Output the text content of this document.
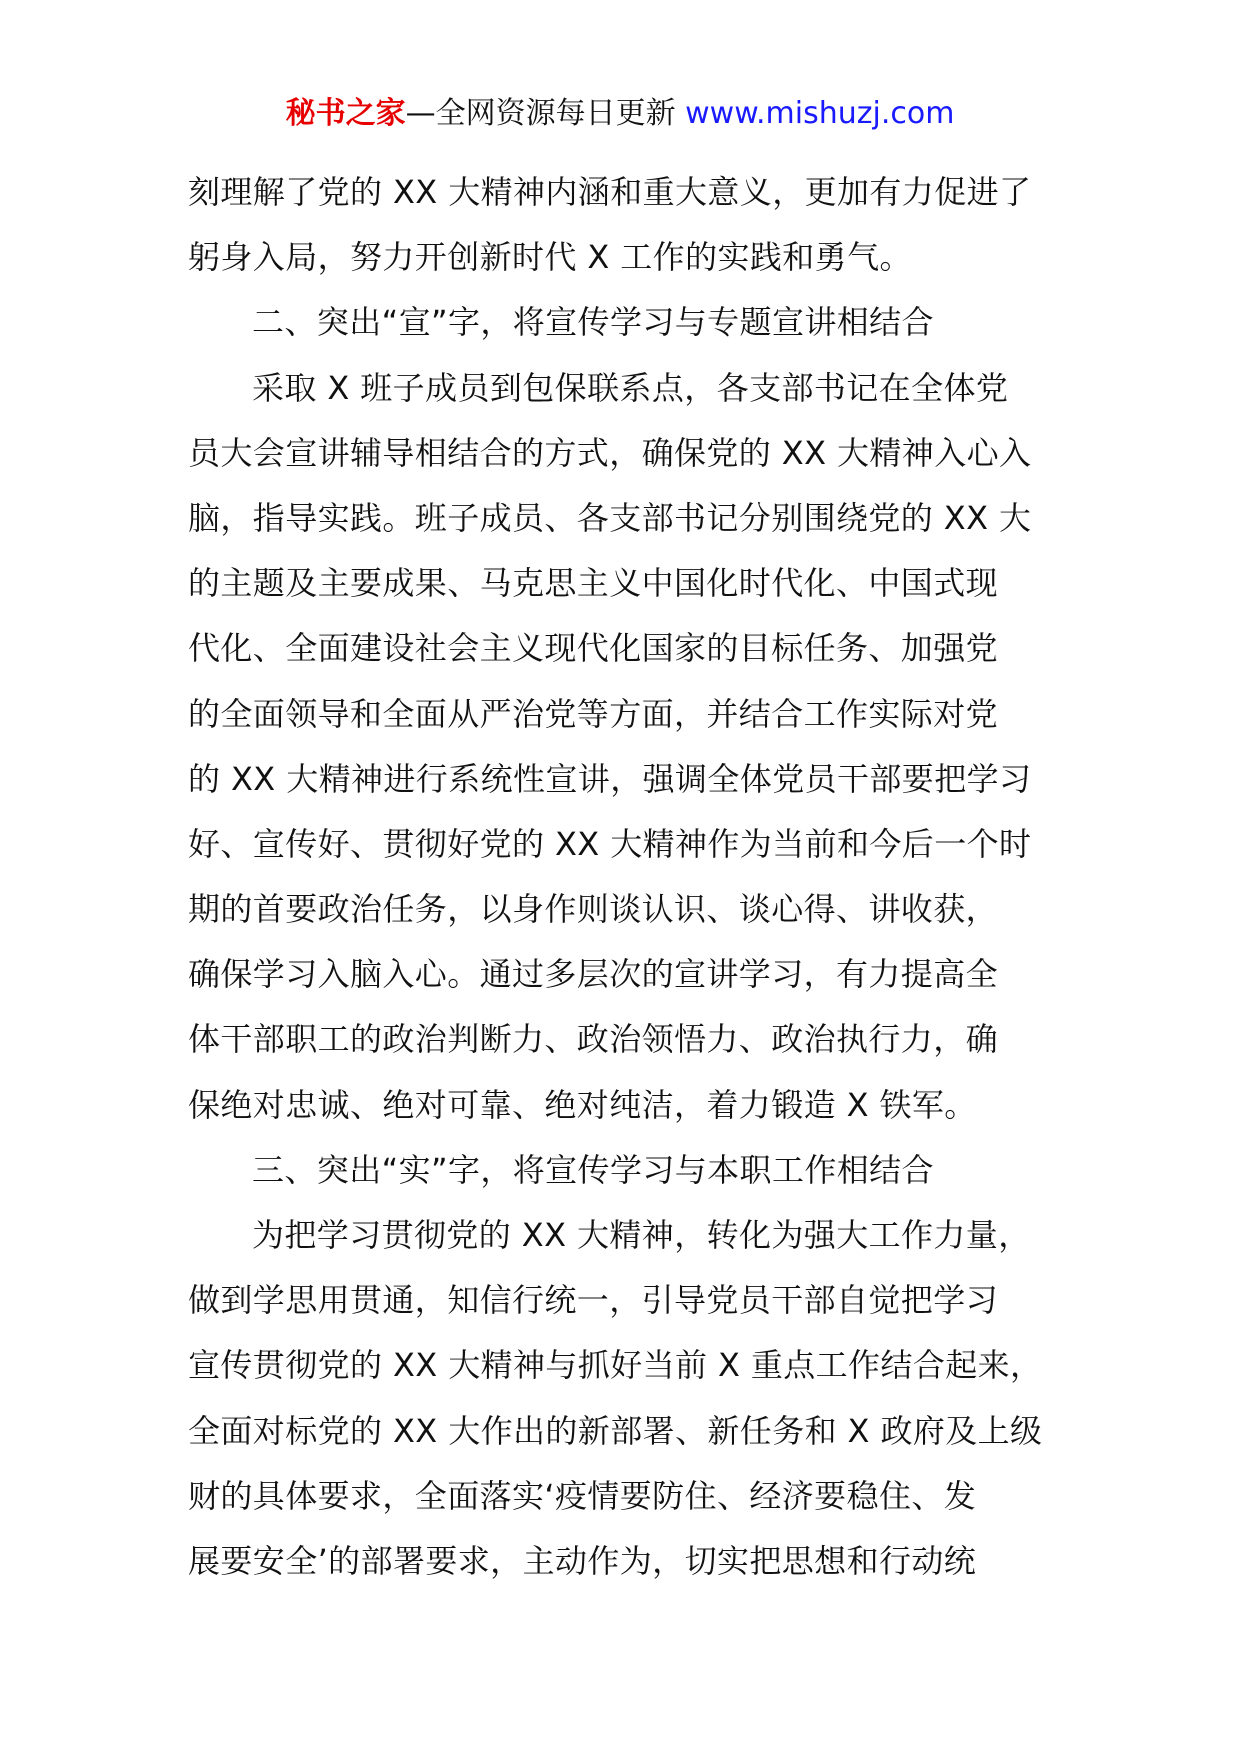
秘书之家—全网资源每日更新 www.mishuzj.com
刻理解了党的 XX 大精神内涵和重大意义，更加有力促进了
躬身入局，努力开创新时代 X 工作的实践和勇气。
二、突出“宣”字，将宣传学习与专题宣讲相结合
采取 X 班子成员到包保联系点，各支部书记在全体党
员大会宣讲辅导相结合的方式，确保党的 XX 大精神入心入
脑，指导实践。班子成员、各支部书记分别围绕党的 XX 大
的主题及主要成果、马克思主义中国化时代化、中国式现
代化、全面建设社会主义现代化国家的目标任务、加强党
的全面领导和全面从严治党等方面，并结合工作实际对党
的 XX 大精神进行系统性宣讲，强调全体党员干部要把学习
好、宣传好、贯彻好党的 XX 大精神作为当前和今后一个时
期的首要政治任务，以身作则谈认识、谈心得、讲收获，
确保学习入脑入心。通过多层次的宣讲学习，有力提高全
体干部职工的政治判断力、政治领悟力、政治执行力，确
保绝对忠诚、绝对可靠、绝对纯洁，着力锻造 X 铁军。
三、突出“实”字，将宣传学习与本职工作相结合
为把学习贯彻党的 XX 大精神，转化为强大工作力量，
做到学思用贯通，知信行统一，引导党员干部自觉把学习
宣传贯彻党的 XX 大精神与抓好当前 X 重点工作结合起来，
全面对标党的 XX 大作出的新部署、新任务和 X 政府及上级
财的具体要求，全面落实‘疫情要防住、经济要稳住、发
展要安全’的部署要求，主动作为，切实把思想和行动统
